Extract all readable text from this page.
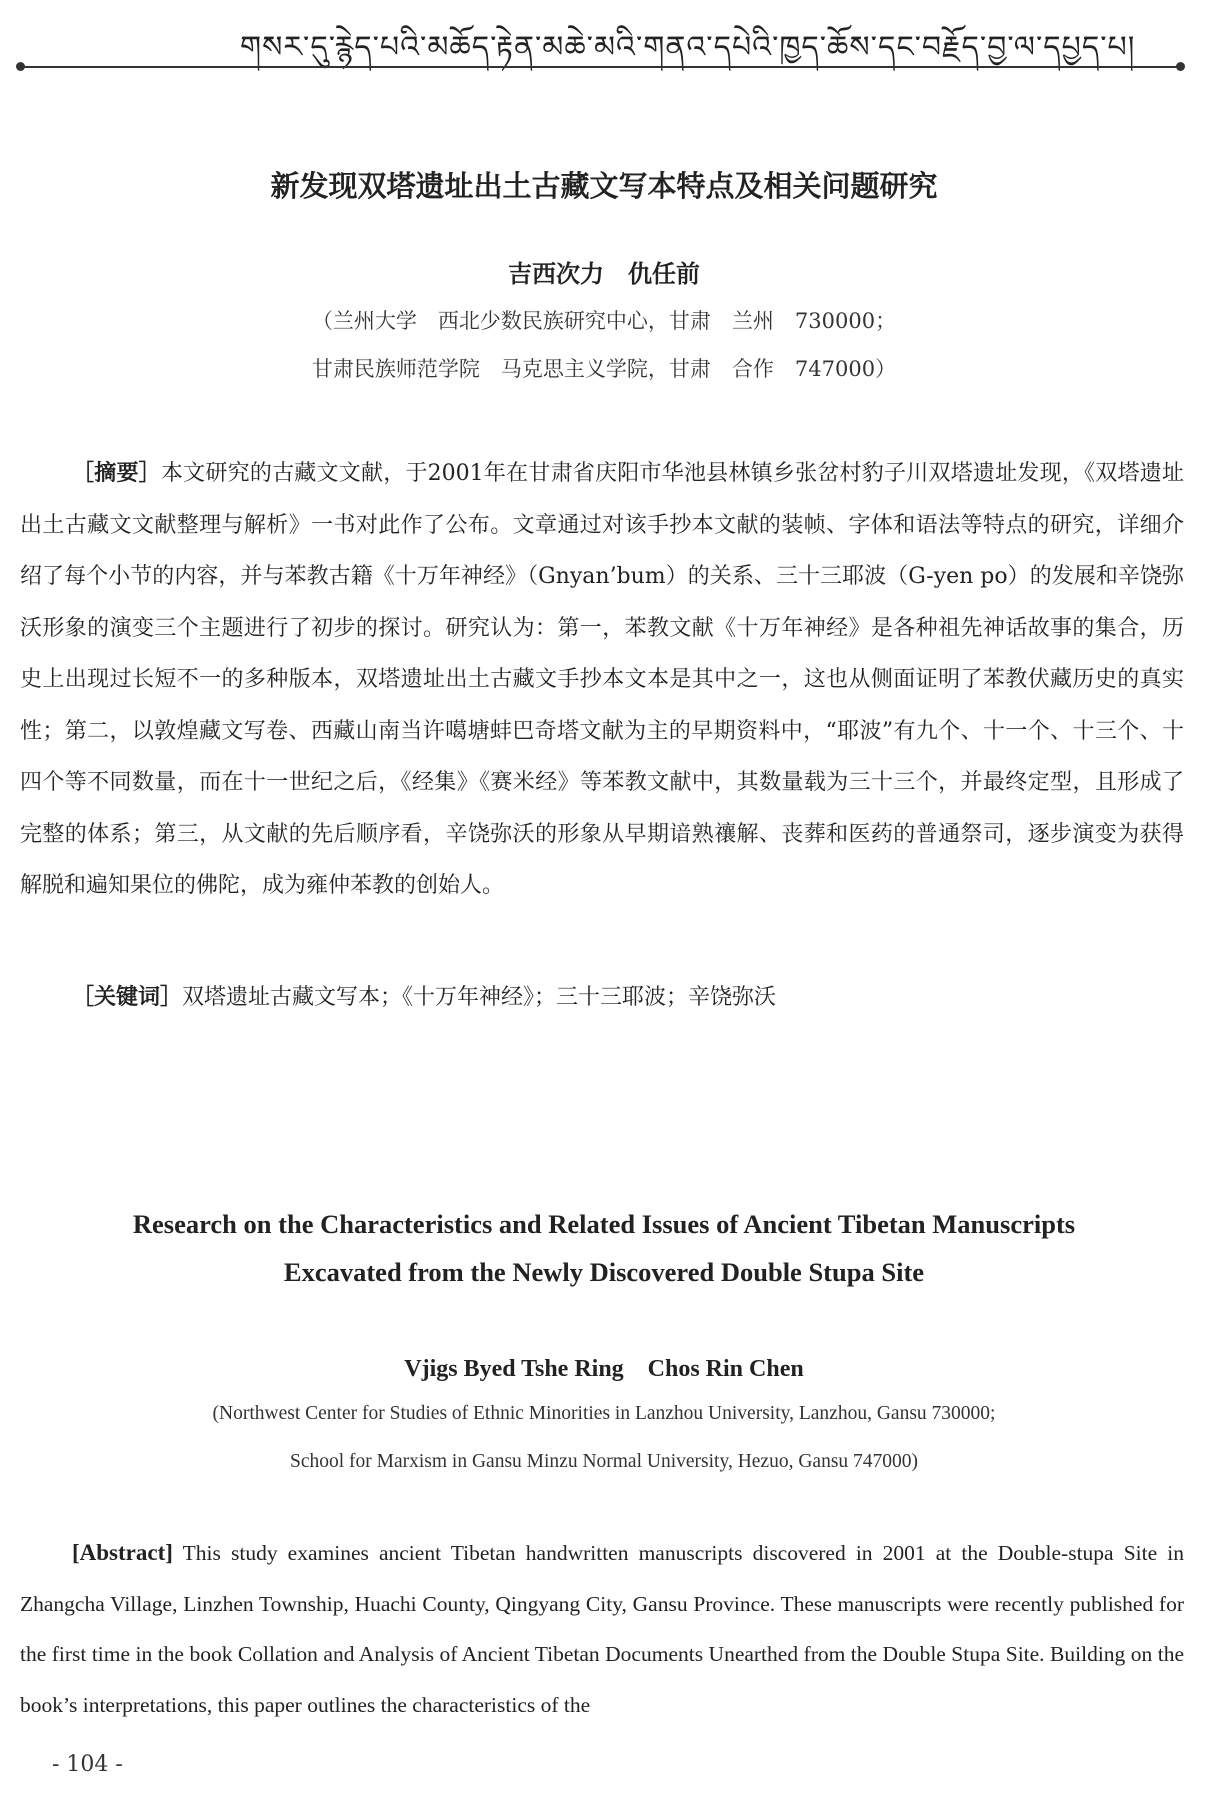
གསར་དུ་རྙེད་པའི་མཆོད་རྟེན་མཆེ་མའི་གནའ་དཔེའི་ཁྱད་ཆོས་དང་བརྗོད་བྱ་ལ་དཔྱད་པ།
新发现双塔遗址出土古藏文写本特点及相关问题研究
吉西次力　仇任前
（兰州大学　西北少数民族研究中心，甘肃　兰州　730000；
甘肃民族师范学院　马克思主义学院，甘肃　合作　747000）

［摘要］本文研究的古藏文文献，于2001年在甘肃省庆阳市华池县林镇乡张岔村豹子川双塔遗址发现，《双塔遗址出土古藏文文献整理与解析》一书对此作了公布。文章通过对该手抄本文献的装帧、字体和语法等特点的研究，详细介绍了每个小节的内容，并与苯教古籍《十万年神经》（Gnyan’bum）的关系、三十三耶波（G-yen po）的发展和辛饶弥沃形象的演变三个主题进行了初步的探讨。研究认为：第一，苯教文献《十万年神经》是各种祖先神话故事的集合，历史上出现过长短不一的多种版本，双塔遗址出土古藏文手抄本文本是其中之一，这也从侧面证明了苯教伏藏历史的真实性；第二，以敦煌藏文写卷、西藏山南当许噶塘蚌巴奇塔文献为主的早期资料中，“耶波”有九个、十一个、十三个、十四个等不同数量，而在十一世纪之后，《经集》《赛米经》等苯教文献中，其数量载为三十三个，并最终定型，且形成了完整的体系；第三，从文献的先后顺序看，辛饶弥沃的形象从早期谙熟禳解、丧葬和医药的普通祭司，逐步演变为获得解脱和遍知果位的佛陀，成为雍仲苯教的创始人。

［关键词］双塔遗址古藏文写本；《十万年神经》；三十三耶波；辛饶弥沃
Research on the Characteristics and Related Issues of Ancient Tibetan Manuscripts
Excavated from the Newly Discovered Double Stupa Site
Vjigs Byed Tshe Ring　Chos Rin Chen
(Northwest Center for Studies of Ethnic Minorities in Lanzhou University, Lanzhou, Gansu 730000;
School for Marxism in Gansu Minzu Normal University, Hezuo, Gansu 747000)

[Abstract] This study examines ancient Tibetan handwritten manuscripts discovered in 2001 at the Double-stupa Site in Zhangcha Village, Linzhen Township, Huachi County, Qingyang City, Gansu Province. These manuscripts were recently published for the first time in the book Collation and Analysis of Ancient Tibetan Documents Unearthed from the Double Stupa Site. Building on the book’s interpretations, this paper outlines the characteristics of the

- 104 -
